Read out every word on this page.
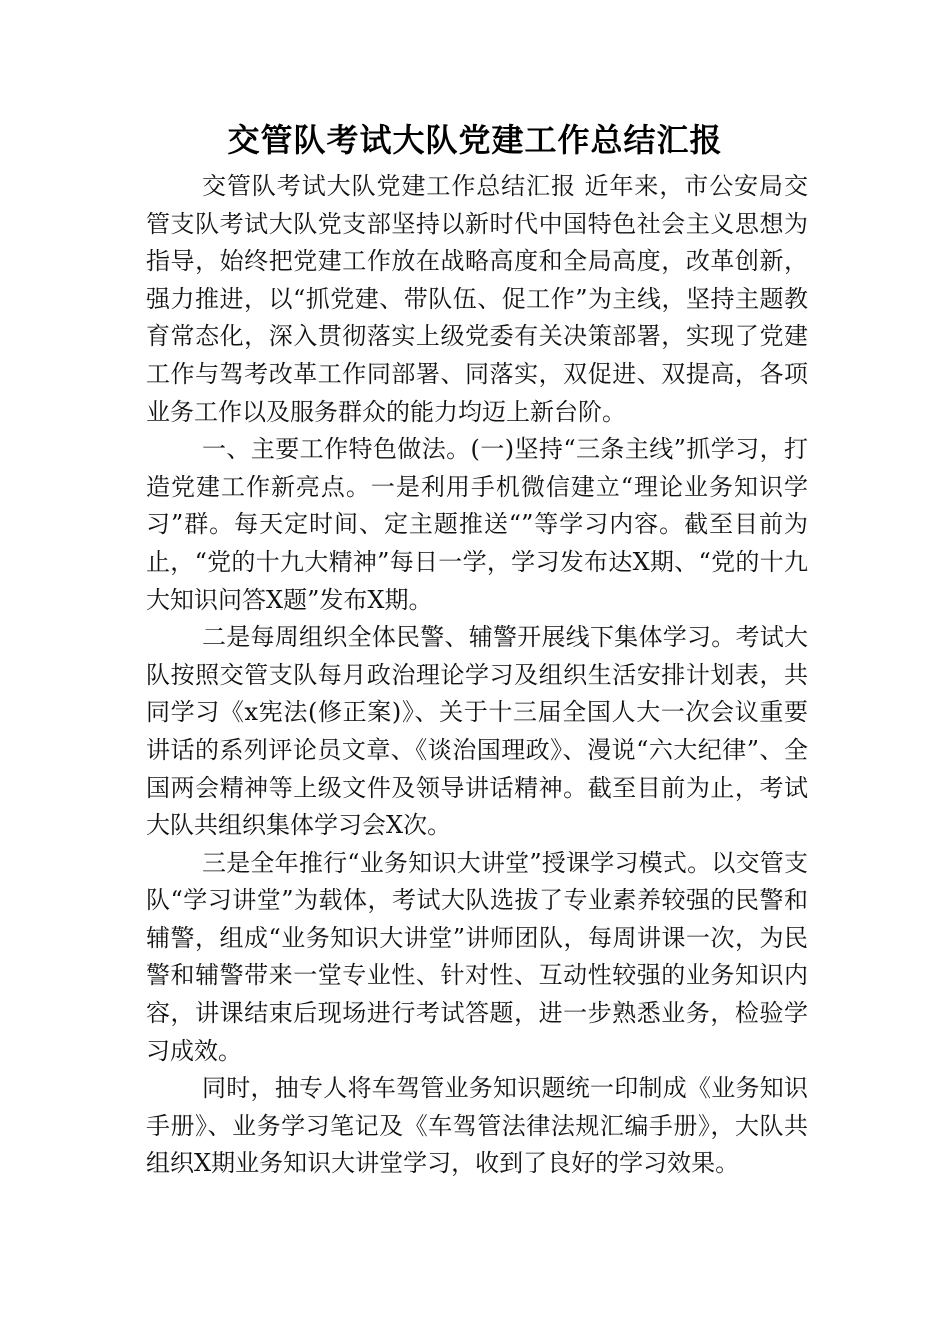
交管队考试大队党建工作总结汇报

交管队考试大队党建工作总结汇报 近年来，市公安局交管支队考试大队党支部坚持以新时代中国特色社会主义思想为指导，始终把党建工作放在战略高度和全局高度，改革创新，强力推进，以“抓党建、带队伍、促工作”为主线，坚持主题教育常态化，深入贯彻落实上级党委有关决策部署，实现了党建工作与驾考改革工作同部署、同落实，双促进、双提高，各项业务工作以及服务群众的能力均迈上新台阶。

一、主要工作特色做法。(一)坚持“三条主线”抓学习，打造党建工作新亮点。一是利用手机微信建立“理论业务知识学习”群。每天定时间、定主题推送“”等学习内容。截至目前为止，“党的十九大精神”每日一学，学习发布达X期、“党的十九大知识问答X题”发布X期。

二是每周组织全体民警、辅警开展线下集体学习。考试大队按照交管支队每月政治理论学习及组织生活安排计划表，共同学习《x宪法(修正案)》、关于十三届全国人大一次会议重要讲话的系列评论员文章、《谈治国理政》、漫说“六大纪律”、全国两会精神等上级文件及领导讲话精神。截至目前为止，考试大队共组织集体学习会X次。

三是全年推行“业务知识大讲堂”授课学习模式。以交管支队“学习讲堂”为载体，考试大队选拔了专业素养较强的民警和辅警，组成“业务知识大讲堂”讲师团队，每周讲课一次，为民警和辅警带来一堂专业性、针对性、互动性较强的业务知识内容，讲课结束后现场进行考试答题，进一步熟悉业务，检验学习成效。

同时，抽专人将车驾管业务知识题统一印制成《业务知识手册》、业务学习笔记及《车驾管法律法规汇编手册》，大队共组织X期业务知识大讲堂学习，收到了良好的学习效果。
